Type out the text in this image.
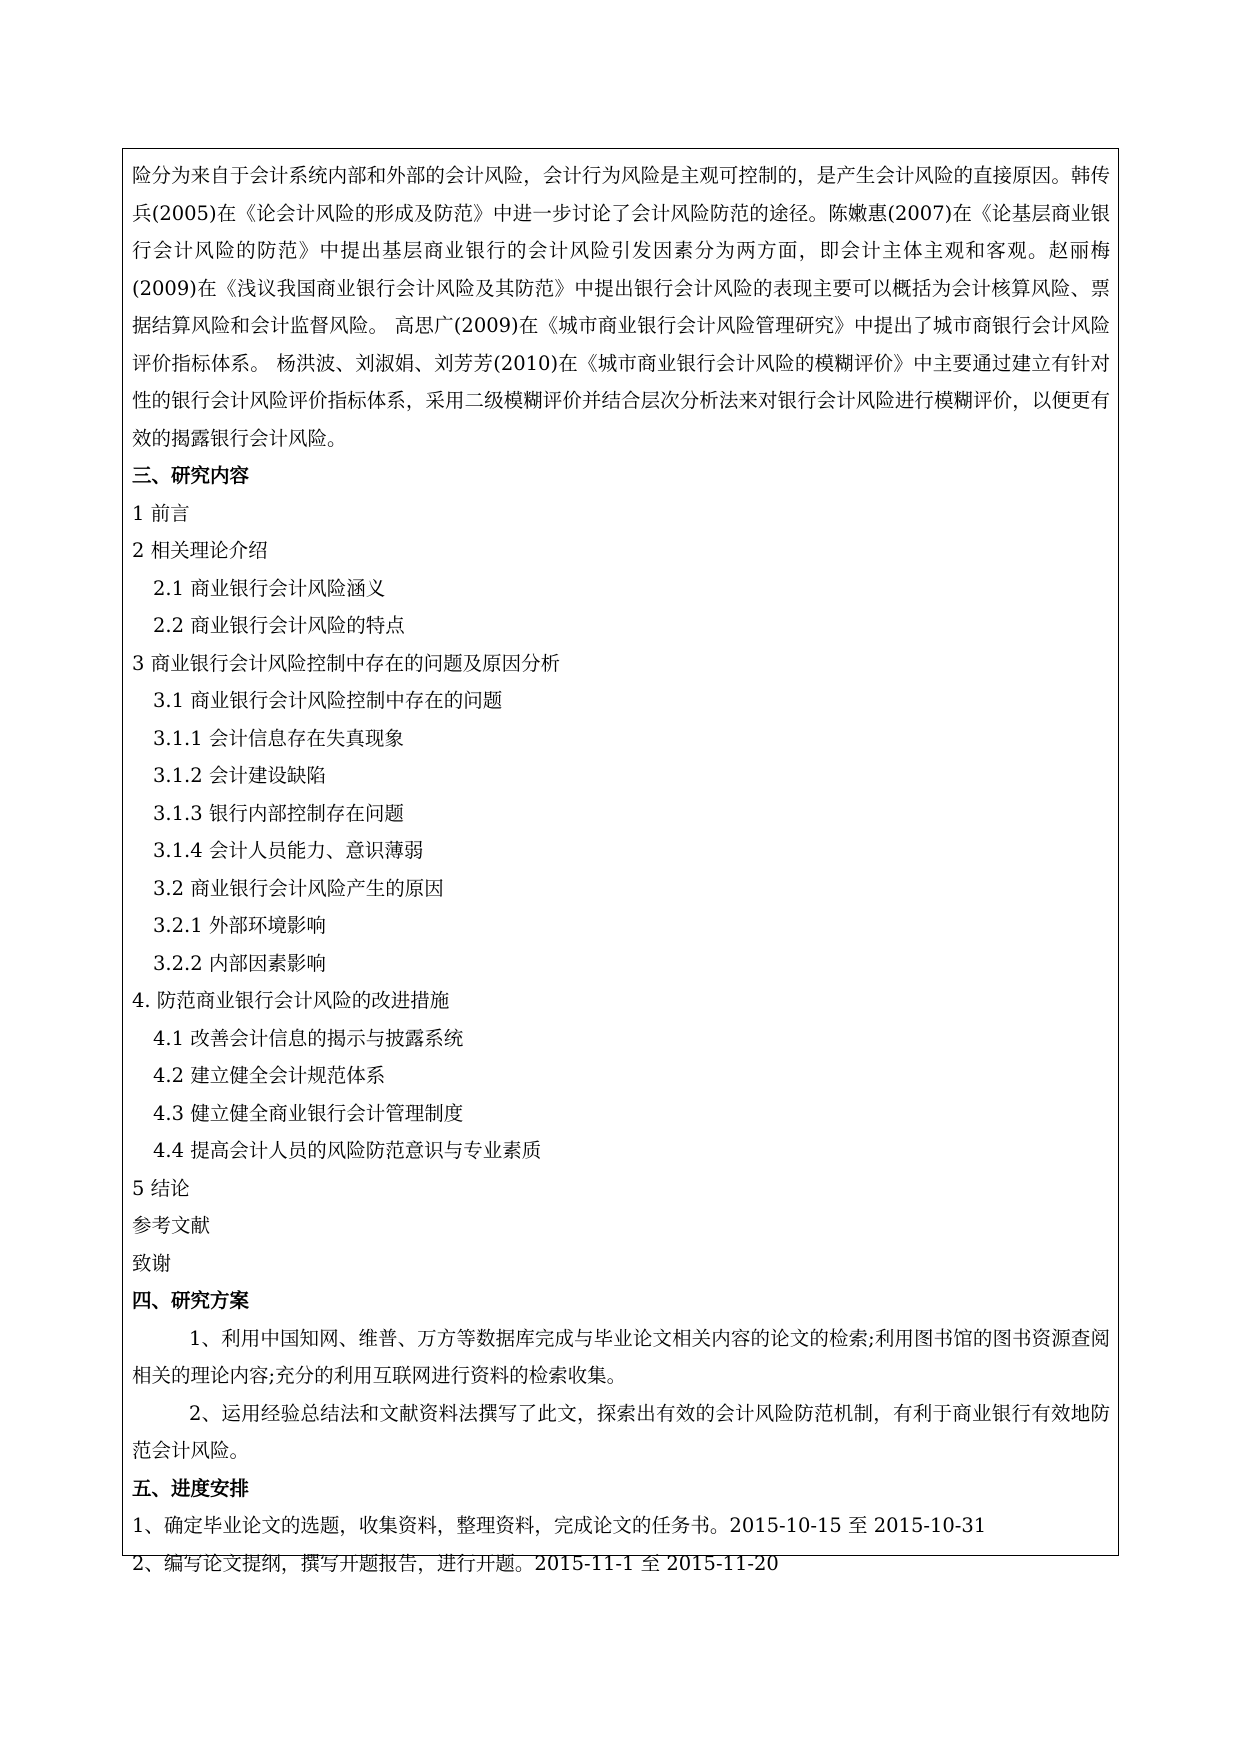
险分为来自于会计系统内部和外部的会计风险，会计行为风险是主观可控制的，是产生会计风险的直接原因。韩传兵(2005)在《论会计风险的形成及防范》中进一步讨论了会计风险防范的途径。陈嫩惠(2007)在《论基层商业银行会计风险的防范》中提出基层商业银行的会计风险引发因素分为两方面，即会计主体主观和客观。赵丽梅(2009)在《浅议我国商业银行会计风险及其防范》中提出银行会计风险的表现主要可以概括为会计核算风险、票据结算风险和会计监督风险。 高思广(2009)在《城市商业银行会计风险管理研究》中提出了城市商银行会计风险评价指标体系。 杨洪波、刘淑娟、刘芳芳(2010)在《城市商业银行会计风险的模糊评价》中主要通过建立有针对性的银行会计风险评价指标体系，采用二级模糊评价并结合层次分析法来对银行会计风险进行模糊评价，以便更有效的揭露银行会计风险。
三、研究内容
1 前言
2 相关理论介绍
2.1 商业银行会计风险涵义
2.2 商业银行会计风险的特点
3 商业银行会计风险控制中存在的问题及原因分析
3.1 商业银行会计风险控制中存在的问题
3.1.1 会计信息存在失真现象
3.1.2 会计建设缺陷
3.1.3 银行内部控制存在问题
3.1.4 会计人员能力、意识薄弱
3.2 商业银行会计风险产生的原因
3.2.1 外部环境影响
3.2.2 内部因素影响
4. 防范商业银行会计风险的改进措施
4.1 改善会计信息的揭示与披露系统
4.2 建立健全会计规范体系
4.3 健立健全商业银行会计管理制度
4.4 提高会计人员的风险防范意识与专业素质
5 结论
参考文献
致谢
四、研究方案
1、利用中国知网、维普、万方等数据库完成与毕业论文相关内容的论文的检索;利用图书馆的图书资源查阅相关的理论内容;充分的利用互联网进行资料的检索收集。
2、运用经验总结法和文献资料法撰写了此文，探索出有效的会计风险防范机制，有利于商业银行有效地防范会计风险。
五、进度安排
1、确定毕业论文的选题，收集资料，整理资料，完成论文的任务书。2015-10-15 至 2015-10-31
2、编写论文提纲，撰写开题报告，进行开题。2015-11-1 至 2015-11-20
